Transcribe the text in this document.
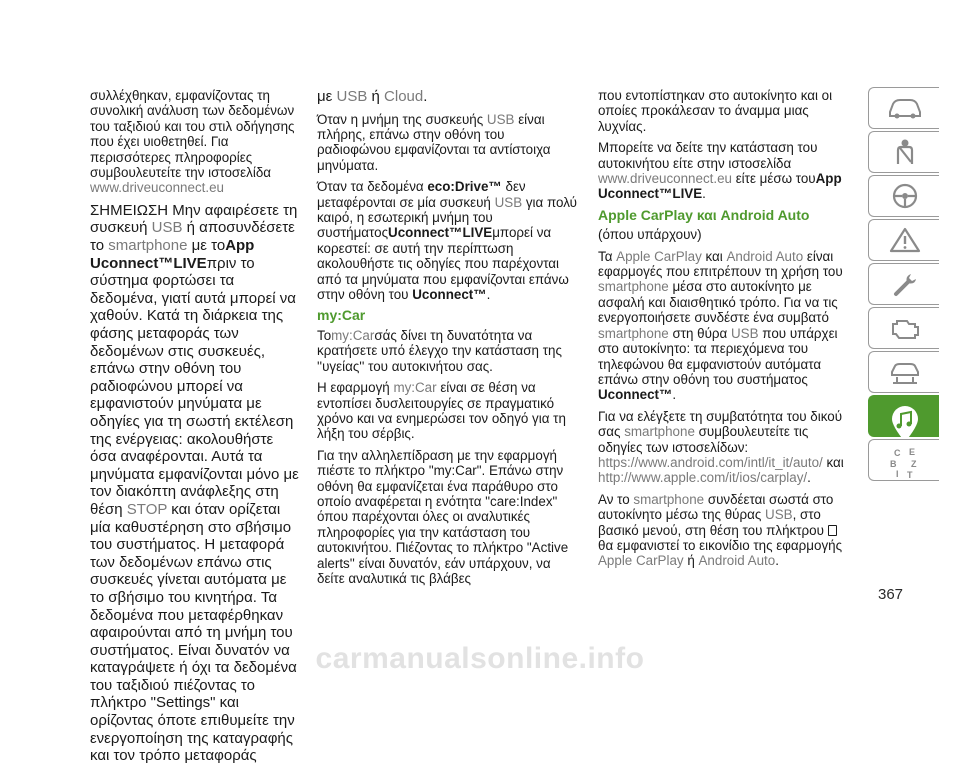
συλλέχθηκαν, εμφανίζοντας τη συνολική ανάλυση των δεδομένων του ταξιδιού και του στιλ οδήγησης που έχει υιοθετηθεί. Για περισσότερες πληροφορίες συμβουλευτείτε την ιστοσελίδα www.driveuconnect.eu

ΣΗΜΕΙΩΣΗ Μην αφαιρέσετε τη συσκευή USB ή αποσυνδέσετε το smartphone με τοApp Uconnect™LIVEπριν το σύστημα φορτώσει τα δεδομένα, γιατί αυτά μπορεί να χαθούν. Κατά τη διάρκεια της φάσης μεταφοράς των δεδομένων στις συσκευές, επάνω στην οθόνη του ραδιοφώνου μπορεί να εμφανιστούν μηνύματα με οδηγίες για τη σωστή εκτέλεση της ενέργειας: ακολουθήστε όσα αναφέρονται. Αυτά τα μηνύματα εμφανίζονται μόνο με τον διακόπτη ανάφλεξης στη θέση STOP και όταν ορίζεται μία καθυστέρηση στο σβήσιμο του συστήματος. Η μεταφορά των δεδομένων επάνω στις συσκευές γίνεται αυτόματα με το σβήσιμο του κινητήρα. Τα δεδομένα που μεταφέρθηκαν αφαιρούνται από τη μνήμη του συστήματος. Είναι δυνατόν να καταγράψετε ή όχι τα δεδομένα του ταξιδιού πιέζοντας το πλήκτρο "Settings" και ορίζοντας όποτε επιθυμείτε την ενεργοποίηση της καταγραφής και τον τρόπο μεταφοράς

με USB ή Cloud.

Όταν η μνήμη της συσκευής USB είναι πλήρης, επάνω στην οθόνη του ραδιοφώνου εμφανίζονται τα αντίστοιχα μηνύματα.

Όταν τα δεδομένα eco:Drive™ δεν μεταφέρονται σε μία συσκευή USB για πολύ καιρό, η εσωτερική μνήμη του συστήματοςUconnect™LIVEμπορεί να κορεστεί: σε αυτή την περίπτωση ακολουθήστε τις οδηγίες που παρέχονται από τα μηνύματα που εμφανίζονται επάνω στην οθόνη του Uconnect™.

my:Car

Τοmy:Carσάς δίνει τη δυνατότητα να κρατήσετε υπό έλεγχο την κατάσταση της ''υγείας'' του αυτοκινήτου σας.

Η εφαρμογή my:Car είναι σε θέση να εντοπίσει δυσλειτουργίες σε πραγματικό χρόνο και να ενημερώσει τον οδηγό για τη λήξη του σέρβις.

Για την αλληλεπίδραση με την εφαρμογή πιέστε το πλήκτρο "my:Car". Επάνω στην οθόνη θα εμφανίζεται ένα παράθυρο στο οποίο αναφέρεται η ενότητα "care:Index" όπου παρέχονται όλες οι αναλυτικές πληροφορίες για την κατάσταση του αυτοκινήτου. Πιέζοντας το πλήκτρο "Active alerts'' είναι δυνατόν, εάν υπάρχουν, να δείτε αναλυτικά τις βλάβες

που εντοπίστηκαν στο αυτοκίνητο και οι οποίες προκάλεσαν το άναμμα μιας λυχνίας.

Μπορείτε να δείτε την κατάσταση του αυτοκινήτου είτε στην ιστοσελίδα www.driveuconnect.eu είτε μέσω τουApp Uconnect™LIVE.

Apple CarPlay και Android Auto

(όπου υπάρχουν)

Τα Apple CarPlay και Android Auto είναι εφαρμογές που επιτρέπουν τη χρήση του smartphone μέσα στο αυτοκίνητο με ασφαλή και διαισθητικό τρόπο. Για να τις ενεργοποιήσετε συνδέστε ένα συμβατό smartphone στη θύρα USB που υπάρχει στο αυτοκίνητο: τα περιεχόμενα του τηλεφώνου θα εμφανιστούν αυτόματα επάνω στην οθόνη του συστήματος Uconnect™.

Για να ελέγξετε τη συμβατότητα του δικού σας smartphone συμβουλευτείτε τις οδηγίες των ιστοσελίδων:
https://www.android.com/intl/it_it/auto/ και http://www.apple.com/it/ios/carplay/.

Αν το smartphone συνδέεται σωστά στο αυτοκίνητο μέσω της θύρας USB, στο βασικό μενού, στη θέση του πλήκτρου  θα εμφανιστεί το εικονίδιο της εφαρμογής Apple CarPlay ή Android Auto.

C E
B Z
I T
367
carmanualsonline.info
